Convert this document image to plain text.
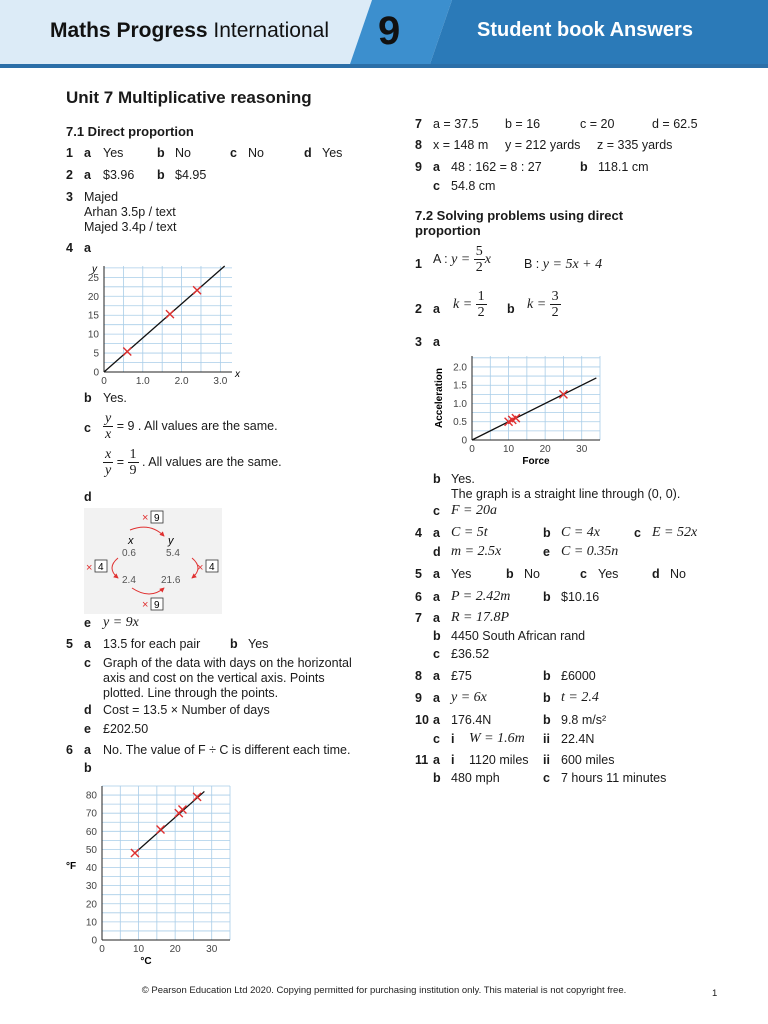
Maths Progress International 9	Student book Answers
Unit 7 Multiplicative reasoning
7.1 Direct proportion
1 a Yes	b No	c No	d Yes
2 a $3.96 b $4.95
3 Majed
Arhan 3.5p / text
Majed 3.4p / text
4 a
0	1.0 2.0 3.0
0
5
10
15
20
25
x
y
b Yes.
c $\frac{y}{x} = 9$ . All values are the same.
$\frac{x}{y} = \frac{1}{9}$ . All values are the same.
d
× 9
x	y
0.6	5.4
2.4	21.6
× 4	× 4
× 9
e y = 9x
5 a 13.5 for each pair b Yes
c Graph of the data with days on the horizontal axis and cost on the vertical axis. Points plotted. Line through the points.
d Cost = 13.5 × Number of days
e £202.50
6 a No. The value of F ÷ C is different each time.
b
0	10	20	30
0
10
20
30
40
50
60
70
80
°C
°F
7 a = 37.5 b = 16	c = 20	d = 62.5
8 x = 148 m y = 212 yards z = 335 yards
9 a 48 : 162 = 8 : 27	b 118.1 cm
c 54.8 cm
7.2 Solving problems using direct
proportion
1 A : $y = \frac{5}{2}$ x	B : y = 5x + 4
2 a $k = \frac{1}{2}$ b $k = \frac{3}{2}$
3 a
0	10	20	30
0
0.5
1.0
1.5
2.0
Force
Acceleration
b Yes.
The graph is a straight line through (0, 0).
c F = 20a
4 a C = 5t	b C = 4x	c E = 52x
d m = 2.5x	e C = 0.35n
5 a Yes	b No	c Yes	d No
6 a P = 2.42m	b $10.16
7 a R = 17.8P
b 4450 South African rand
c £36.52
8 a £75	b £6000
9 a y = 6x	b t = 2.4
10 a 176.4N	b 9.8 m/s²
c i W = 1.6m ii 22.4N
11 a i 1120 miles ii 600 miles
b 480 mph	c 7 hours 11 minutes
© Pearson Education Ltd 2020. Copying permitted for purchasing institution only. This material is not copyright free.	1
